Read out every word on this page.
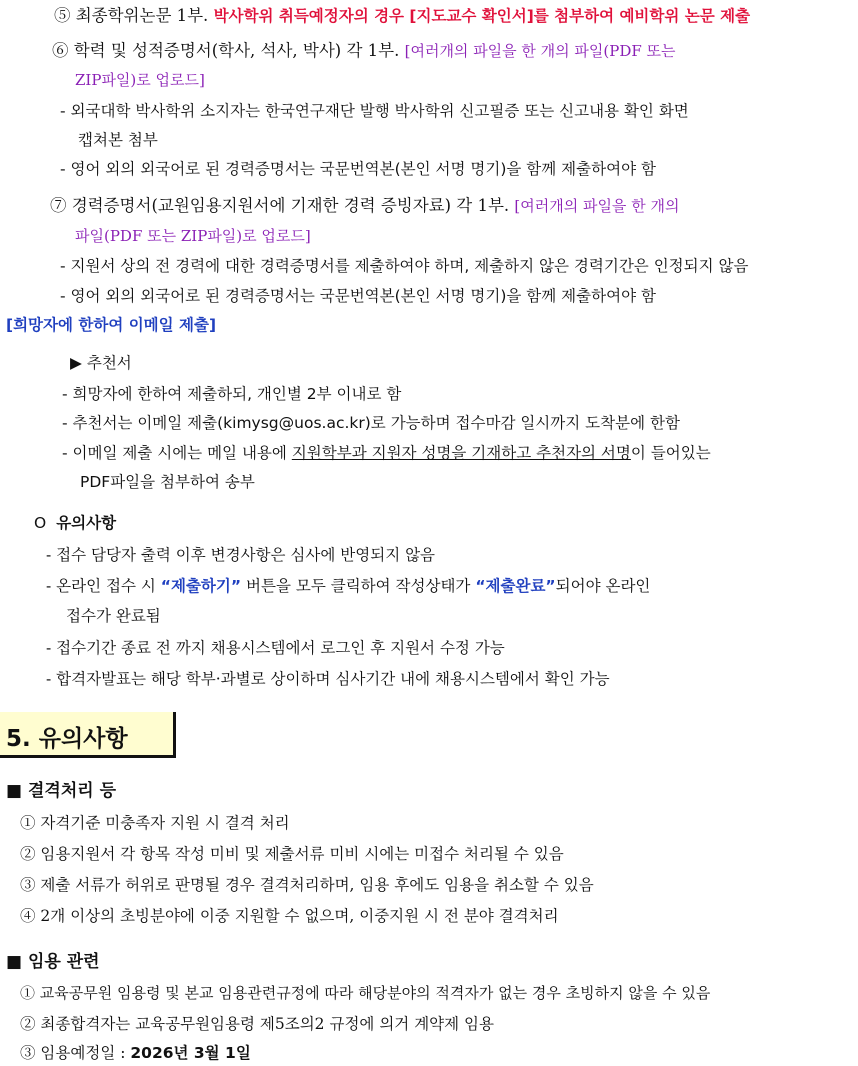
⑤ 최종학위논문 1부. 박사학위 취득예정자의 경우 [지도교수 확인서]를 첨부하여 예비학위 논문 제출
⑥ 학력 및 성적증명서(학사, 석사, 박사) 각 1부. [여러개의 파일을 한 개의 파일(PDF 또는
ZIP파일)로 업로드]
- 외국대학 박사학위 소지자는 한국연구재단 발행 박사학위 신고필증 또는 신고내용 확인 화면
캡쳐본 첨부
- 영어 외의 외국어로 된 경력증명서는 국문번역본(본인 서명 명기)을 함께 제출하여야 함
⑦ 경력증명서(교원임용지원서에 기재한 경력 증빙자료) 각 1부. [여러개의 파일을 한 개의
파일(PDF 또는 ZIP파일)로 업로드]
- 지원서 상의 전 경력에 대한 경력증명서를 제출하여야 하며, 제출하지 않은 경력기간은 인정되지 않음
- 영어 외의 외국어로 된 경력증명서는 국문번역본(본인 서명 명기)을 함께 제출하여야 함
[희망자에 한하여 이메일 제출]
▶ 추천서
- 희망자에 한하여 제출하되, 개인별 2부 이내로 함
- 추천서는 이메일 제출(kimysg@uos.ac.kr)로 가능하며 접수마감 일시까지 도착분에 한함
- 이메일 제출 시에는 메일 내용에 지원학부과 지원자 성명을 기재하고 추천자의 서명이 들어있는
PDF파일을 첨부하여 송부
O 유의사항
- 접수 담당자 출력 이후 변경사항은 심사에 반영되지 않음
- 온라인 접수 시 “제출하기” 버튼을 모두 클릭하여 작성상태가 “제출완료”되어야 온라인
접수가 완료됨
- 접수기간 종료 전 까지 채용시스템에서 로그인 후 지원서 수정 가능
- 합격자발표는 해당 학부·과별로 상이하며 심사기간 내에 채용시스템에서 확인 가능
5. 유의사항
■ 결격처리 등
① 자격기준 미충족자 지원 시 결격 처리
② 임용지원서 각 항목 작성 미비 및 제출서류 미비 시에는 미접수 처리될 수 있음
③ 제출 서류가 허위로 판명될 경우 결격처리하며, 임용 후에도 임용을 취소할 수 있음
④ 2개 이상의 초빙분야에 이중 지원할 수 없으며, 이중지원 시 전 분야 결격처리
■ 임용 관련
① 교육공무원 임용령 및 본교 임용관련규정에 따라 해당분야의 적격자가 없는 경우 초빙하지 않을 수 있음
② 최종합격자는 교육공무원임용령 제5조의2 규정에 의거 계약제 임용
③ 임용예정일 : 2026년 3월 1일
